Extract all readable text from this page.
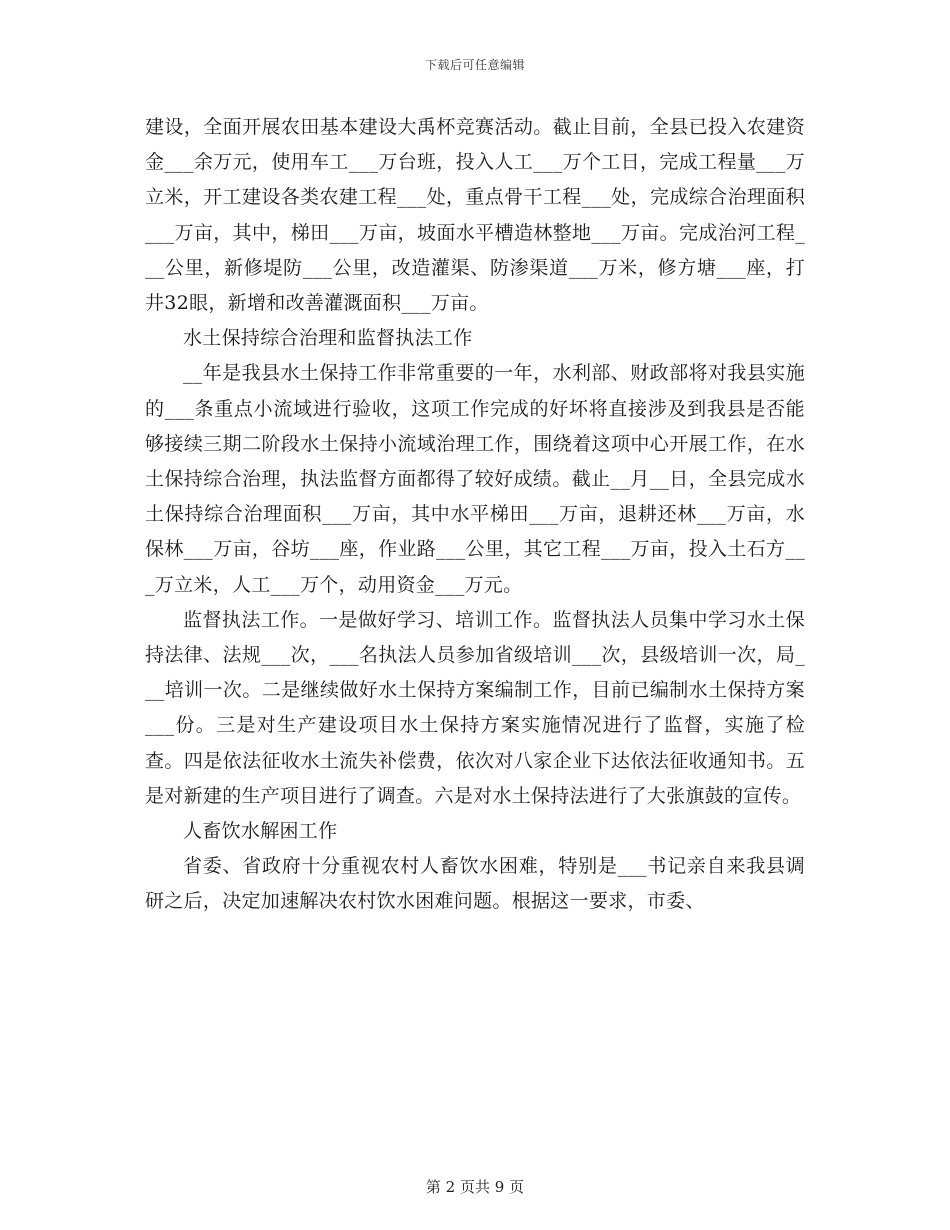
下载后可任意编辑

建设，全面开展农田基本建设大禹杯竞赛活动。截止目前，全县已投入农建资金___余万元，使用车工___万台班，投入人工___万个工日，完成工程量___万立米，开工建设各类农建工程___处，重点骨干工程___处，完成综合治理面积___万亩，其中，梯田___万亩，坡面水平槽造林整地___万亩。完成治河工程___公里，新修堤防___公里，改造灌渠、防渗渠道___万米，修方塘___座，打井32眼，新增和改善灌溉面积___万亩。

水土保持综合治理和监督执法工作

__年是我县水土保持工作非常重要的一年，水利部、财政部将对我县实施的___条重点小流域进行验收，这项工作完成的好坏将直接涉及到我县是否能够接续三期二阶段水土保持小流域治理工作，围绕着这项中心开展工作，在水土保持综合治理，执法监督方面都得了较好成绩。截止__月__日，全县完成水土保持综合治理面积___万亩，其中水平梯田___万亩，退耕还林___万亩，水保林___万亩，谷坊___座，作业路___公里，其它工程___万亩，投入土石方___万立米，人工___万个，动用资金___万元。

监督执法工作。一是做好学习、培训工作。监督执法人员集中学习水土保持法律、法规___次，___名执法人员参加省级培训___次，县级培训一次，局___培训一次。二是继续做好水土保持方案编制工作，目前已编制水土保持方案___份。三是对生产建设项目水土保持方案实施情况进行了监督，实施了检查。四是依法征收水土流失补偿费，依次对八家企业下达依法征收通知书。五是对新建的生产项目进行了调查。六是对水土保持法进行了大张旗鼓的宣传。

人畜饮水解困工作

省委、省政府十分重视农村人畜饮水困难，特别是___书记亲自来我县调研之后，决定加速解决农村饮水困难问题。根据这一要求，市委、

第 2 页共 9 页
